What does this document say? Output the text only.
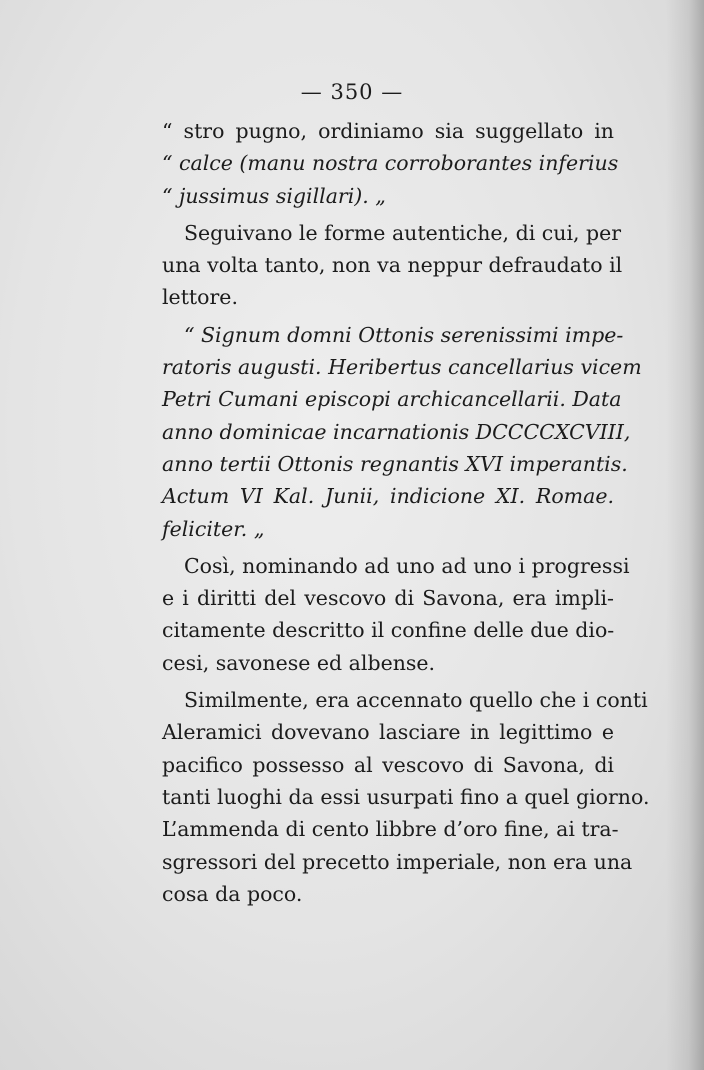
— 350 —
“ stro pugno, ordiniamo sia suggellato in
“ calce (manu nostra corroborantes inferius
“ jussimus sigillari). „
Seguivano le forme autentiche, di cui, per
una volta tanto, non va neppur defraudato il
lettore.
“ Signum domni Ottonis serenissimi impe-
ratoris augusti. Heribertus cancellarius vicem
Petri Cumani episcopi archicancellarii. Data
anno dominicae incarnationis DCCCCXCVIII,
anno tertii Ottonis regnantis XVI imperantis.
Actum VI Kal. Junii, indicione XI. Romae.
feliciter. „
Così, nominando ad uno ad uno i progressi
e i diritti del vescovo di Savona, era impli-
citamente descritto il confine delle due dio-
cesi, savonese ed albense.
Similmente, era accennato quello che i conti
Aleramici dovevano lasciare in legittimo e
pacifico possesso al vescovo di Savona, di
tanti luoghi da essi usurpati fino a quel giorno.
L’ammenda di cento libbre d’oro fine, ai tra-
sgressori del precetto imperiale, non era una
cosa da poco.
